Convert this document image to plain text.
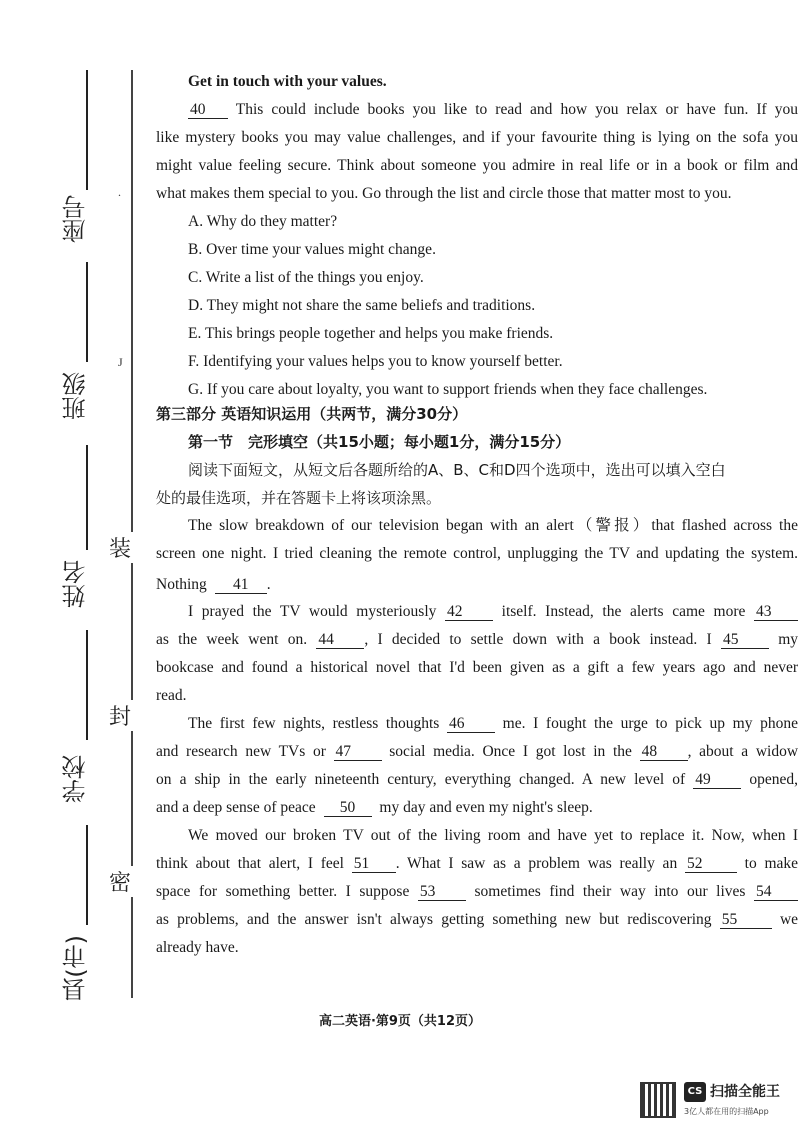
座号
班级
姓名
学校
县(市)
.
J
装
封
密
Get in touch with your values.
40 This could include books you like to read and how you relax or have fun. If you
like mystery books you may value challenges, and if your favourite thing is lying on the sofa you
might value feeling secure. Think about someone you admire in real life or in a book or film and
what makes them special to you. Go through the list and circle those that matter most to you.
A. Why do they matter?
B. Over time your values might change.
C. Write a list of the things you enjoy.
D. They might not share the same beliefs and traditions.
E. This brings people together and helps you make friends.
F. Identifying your values helps you to know yourself better.
G. If you care about loyalty, you want to support friends when they face challenges.
第三部分 英语知识运用（共两节，满分30分）
第一节　完形填空（共15小题；每小题1分，满分15分）
阅读下面短文，从短文后各题所给的A、B、C和D四个选项中，选出可以填入空白
处的最佳选项，并在答题卡上将该项涂黑。
The slow breakdown of our television began with an alert（警报）that flashed across the
screen one night. I tried cleaning the remote control, unplugging the TV and updating the system.
Nothing 41 .
I prayed the TV would mysteriously 42	itself. Instead, the alerts came more 43
as the week went on. 44 , I decided to settle down with a book instead. I 45	my
bookcase and found a historical novel that I'd been given as a gift a few years ago and never
read.
The first few nights, restless thoughts 46 me. I fought the urge to pick up my phone
and research new TVs or 47 social media. Once I got lost in the 48 , about a widow
on a ship in the early nineteenth century, everything changed. A new level of 49 opened,
and a deep sense of peace 50 my day and even my night's sleep.
We moved our broken TV out of the living room and have yet to replace it. Now, when I
think about that alert, I feel 51 . What I saw as a problem was really an 52	to make
space for something better. I suppose 53	sometimes find their way into our lives 54
as problems, and the answer isn't always getting something new but rediscovering 55	we
already have.
高二英语·第9页（共12页）
CS 扫描全能王
3亿人都在用的扫描App
